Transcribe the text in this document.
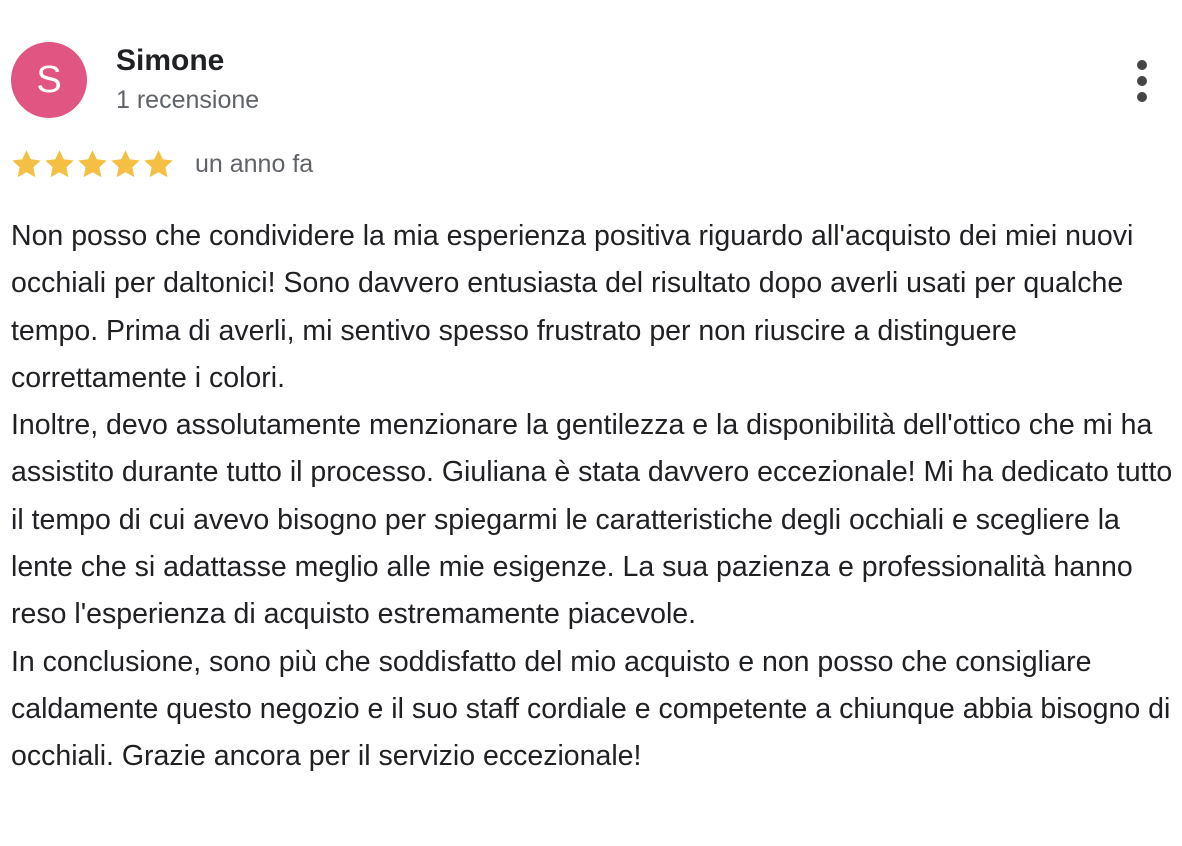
S	Simone
1 recensione
un anno fa
Non posso che condividere la mia esperienza positiva riguardo all'acquisto dei miei nuovi occhiali per daltonici! Sono davvero entusiasta del risultato dopo averli usati per qualche tempo. Prima di averli, mi sentivo spesso frustrato per non riuscire a distinguere correttamente i colori.
Inoltre, devo assolutamente menzionare la gentilezza e la disponibilità dell'ottico che mi ha assistito durante tutto il processo. Giuliana è stata davvero eccezionale! Mi ha dedicato tutto il tempo di cui avevo bisogno per spiegarmi le caratteristiche degli occhiali e scegliere la lente che si adattasse meglio alle mie esigenze. La sua pazienza e professionalità hanno reso l'esperienza di acquisto estremamente piacevole.
In conclusione, sono più che soddisfatto del mio acquisto e non posso che consigliare caldamente questo negozio e il suo staff cordiale e competente a chiunque abbia bisogno di occhiali. Grazie ancora per il servizio eccezionale!
